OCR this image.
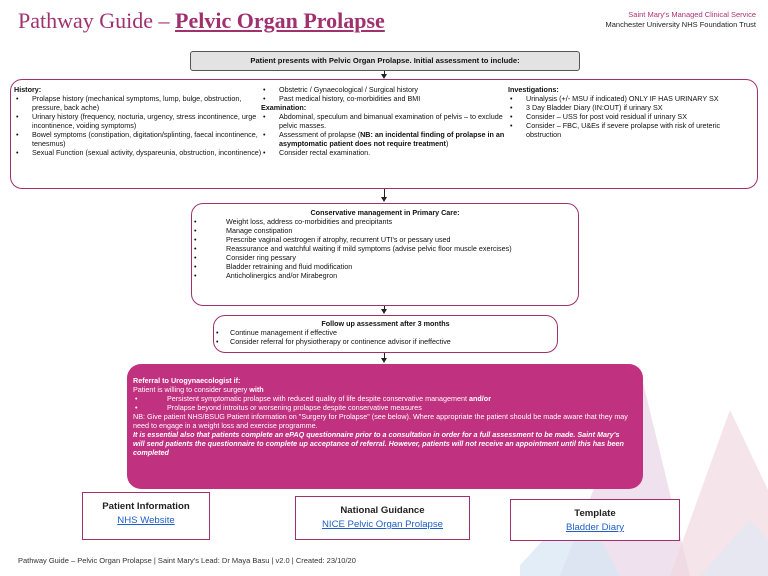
Pathway Guide – Pelvic Organ Prolapse	Saint Mary's Managed Clinical Service
Manchester University NHS Foundation Trust
Patient presents with Pelvic Organ Prolapse. Initial assessment to include:
History:
• Prolapse history (mechanical symptoms, lump, bulge, obstruction, pressure, back ache)
• Urinary history (frequency, nocturia, urgency, stress incontinence, urge incontinence, voiding symptoms)
• Bowel symptoms (constipation, digitation/splinting, faecal incontinence, tenesmus)
• Sexual Function (sexual activity, dyspareunia, obstruction, incontinence)
• Obstetric / Gynaecological / Surgical history
• Past medical history, co-morbidities and BMI
Examination:
• Abdominal, speculum and bimanual examination of pelvis – to exclude pelvic masses.
• Assessment of prolapse (NB: an incidental finding of prolapse in an asymptomatic patient does not require treatment)
• Consider rectal examination.
Investigations:
• Urinalysis (+/- MSU if indicated) ONLY IF HAS URINARY SX
• 3 Day Bladder Diary (IN:OUT) if urinary SX
• Consider – USS for post void residual if urinary SX
• Consider – FBC, U&Es if severe prolapse with risk of ureteric obstruction
Conservative management in Primary Care:
• Weight loss, address co-morbidities and precipitants
• Manage constipation
• Prescribe vaginal oestrogen if atrophy, recurrent UTI's or pessary used
• Reassurance and watchful waiting if mild symptoms (advise pelvic floor muscle exercises)
• Consider ring pessary
• Bladder retraining and fluid modification
• Anticholinergics and/or Mirabegron
Follow up assessment after 3 months
• Continue management if effective
• Consider referral for physiotherapy or continence advisor if ineffective
Referral to Urogynaecologist if:
Patient is willing to consider surgery with
• Persistent symptomatic prolapse with reduced quality of life despite conservative management and/or
• Prolapse beyond introitus or worsening prolapse despite conservative measures
NB: Give patient NHS/BSUG Patient information on "Surgery for Prolapse" (see below). Where appropriate the patient should be made aware that they may need to engage in a weight loss and exercise programme.
It is essential also that patients complete an ePAQ questionnaire prior to a consultation in order for a full assessment to be made. Saint Mary's will send patients the questionnaire to complete up acceptance of referral. However, patients will not receive an appointment until this has been completed
Patient Information
NHS Website
National Guidance
NICE Pelvic Organ Prolapse
Template
Bladder Diary
Pathway Guide – Pelvic Organ Prolapse | Saint Mary's Lead: Dr Maya Basu | v2.0 | Created: 23/10/20
